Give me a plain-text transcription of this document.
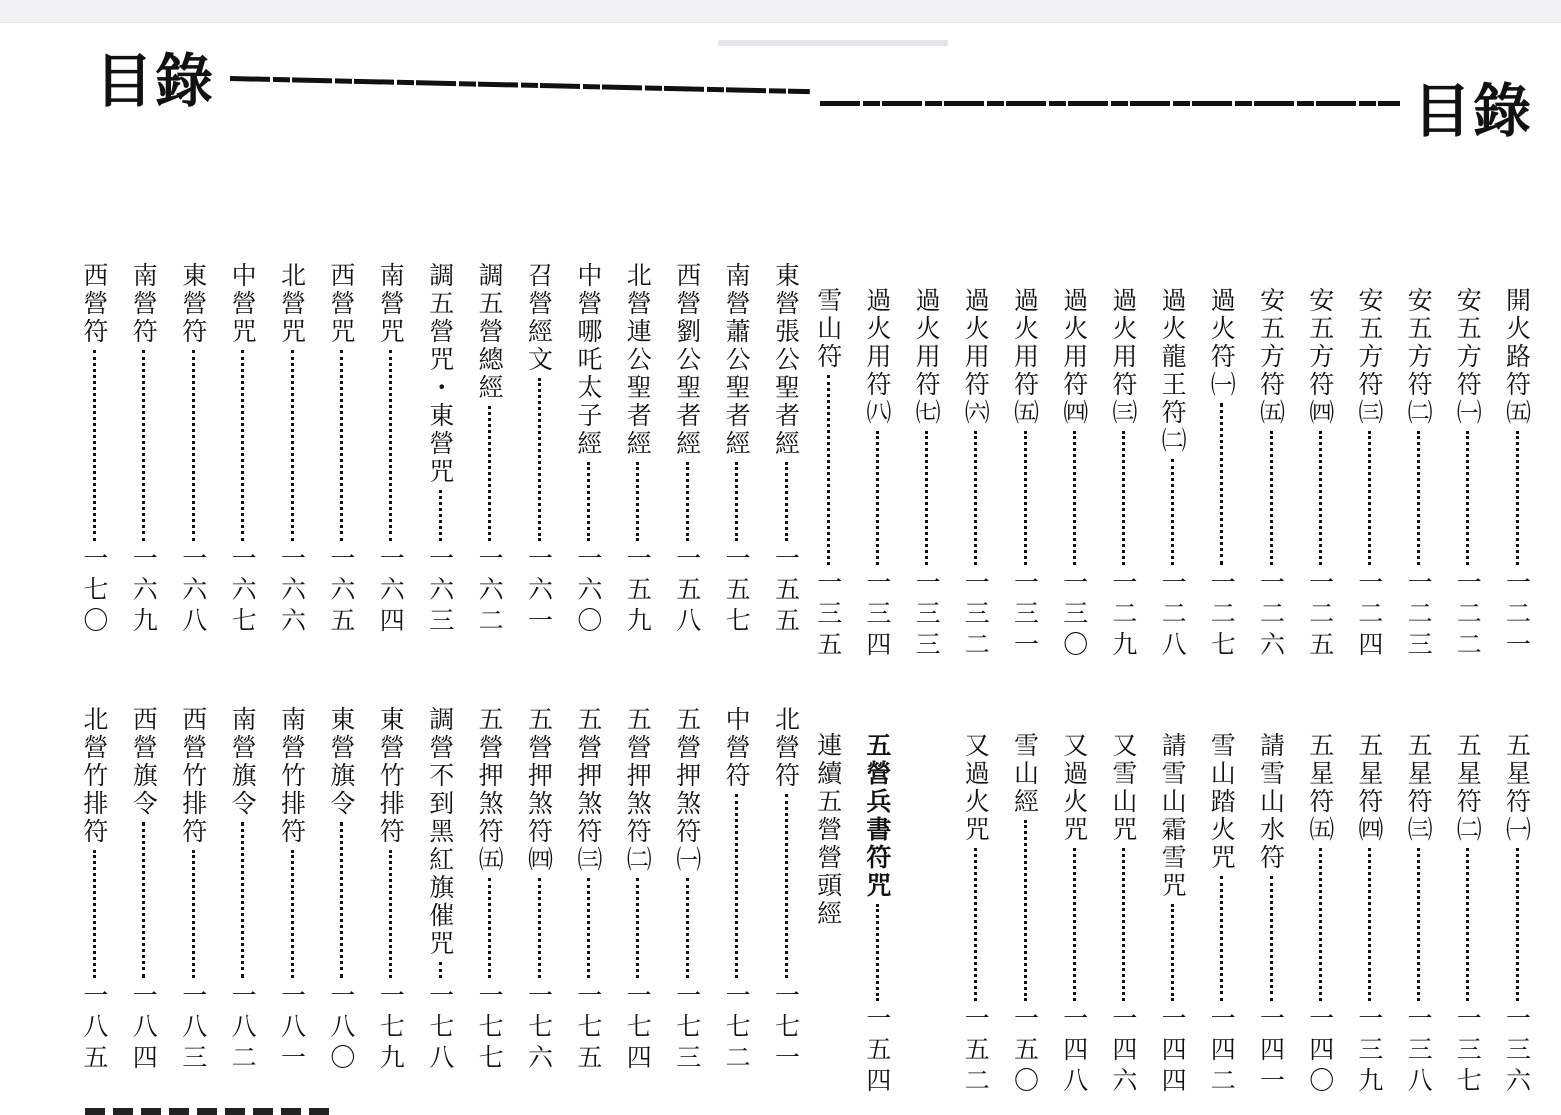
目錄	目錄
開火路符㈤
一二一
安五方符㈠
一二二
安五方符㈡
一二三
安五方符㈢
一二四
安五方符㈣
一二五
安五方符㈤
一二六
過火符㈠
一二七
過火龍王符㈡
一二八
過火用符㈢
一二九
過火用符㈣
一三〇
過火用符㈤
一三一
過火用符㈥
一三二
過火用符㈦
一三三
過火用符㈧
一三四
雪山符
一三五
五星符㈠
一三六
五星符㈡
一三七
五星符㈢
一三八
五星符㈣
一三九
五星符㈤
一四〇
請雪山水符
一四一
雪山踏火咒
一四二
請雪山霜雪咒
一四四
又雪山咒
一四六
又過火咒
一四八
雪山經
一五〇
又過火咒
一五二
五營兵書符咒
一五四
連續五營營頭經
東營張公聖者經
一五五
南營蕭公聖者經
一五七
西營劉公聖者經
一五八
北營連公聖者經
一五九
中營哪吒太子經
一六〇
召營經文
一六一
調五營總經
一六二
調五營咒・東營咒
一六三
南營咒
一六四
西營咒
一六五
北營咒
一六六
中營咒
一六七
東營符
一六八
南營符
一六九
西營符
一七〇
北營符
一七一
中營符
一七二
五營押煞符㈠
一七三
五營押煞符㈡
一七四
五營押煞符㈢
一七五
五營押煞符㈣
一七六
五營押煞符㈤
一七七
調營不到黑紅旗催咒
一七八
東營竹排符
一七九
東營旗令
一八〇
南營竹排符
一八一
南營旗令
一八二
西營竹排符
一八三
西營旗令
一八四
北營竹排符
一八五
